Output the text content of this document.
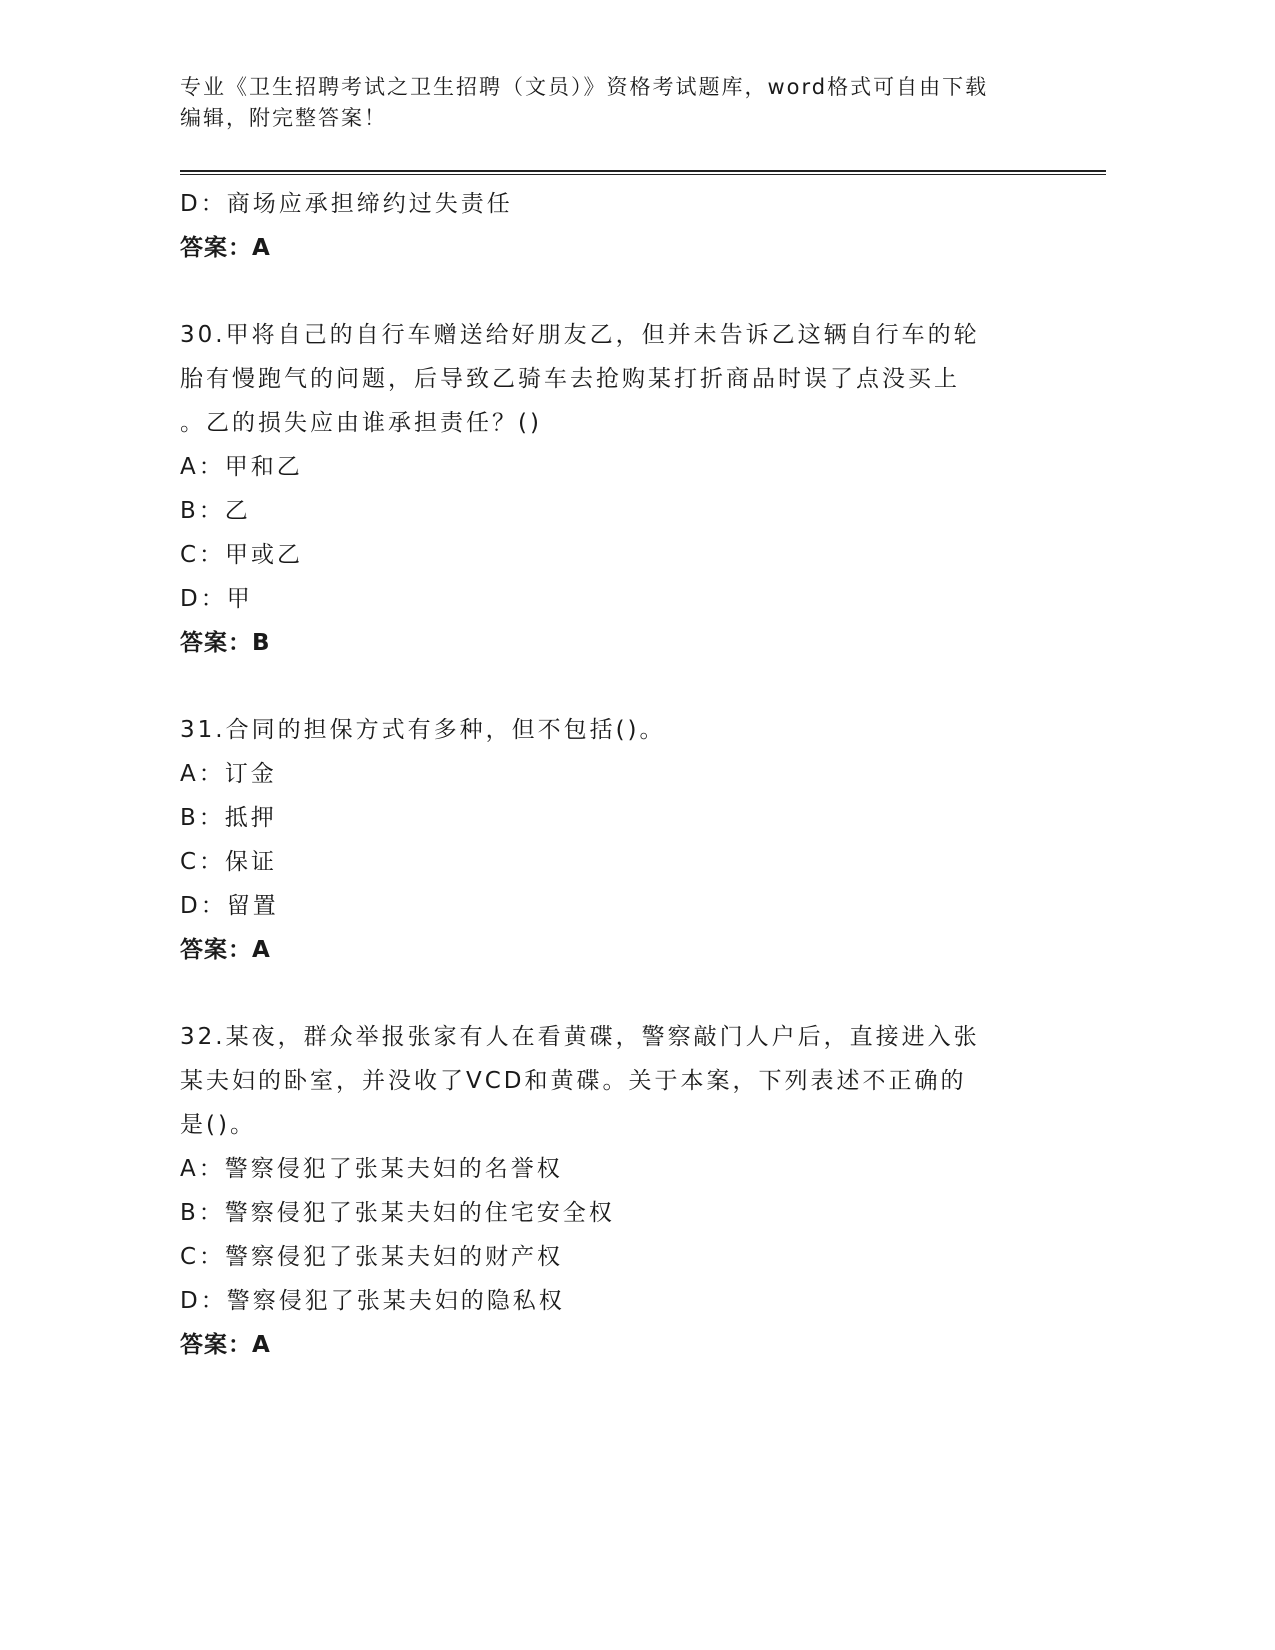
专业《卫生招聘考试之卫生招聘（文员）》资格考试题库，word格式可自由下载
编辑，附完整答案！
D：商场应承担缔约过失责任
答案：A
30.甲将自己的自行车赠送给好朋友乙，但并未告诉乙这辆自行车的轮
胎有慢跑气的问题，后导致乙骑车去抢购某打折商品时误了点没买上
。乙的损失应由谁承担责任？()
A：甲和乙
B：乙
C：甲或乙
D：甲
答案：B
31.合同的担保方式有多种，但不包括()。
A：订金
B：抵押
C：保证
D：留置
答案：A
32.某夜，群众举报张家有人在看黄碟，警察敲门人户后，直接进入张
某夫妇的卧室，并没收了VCD和黄碟。关于本案，下列表述不正确的
是()。
A：警察侵犯了张某夫妇的名誉权
B：警察侵犯了张某夫妇的住宅安全权
C：警察侵犯了张某夫妇的财产权
D：警察侵犯了张某夫妇的隐私权
答案：A
